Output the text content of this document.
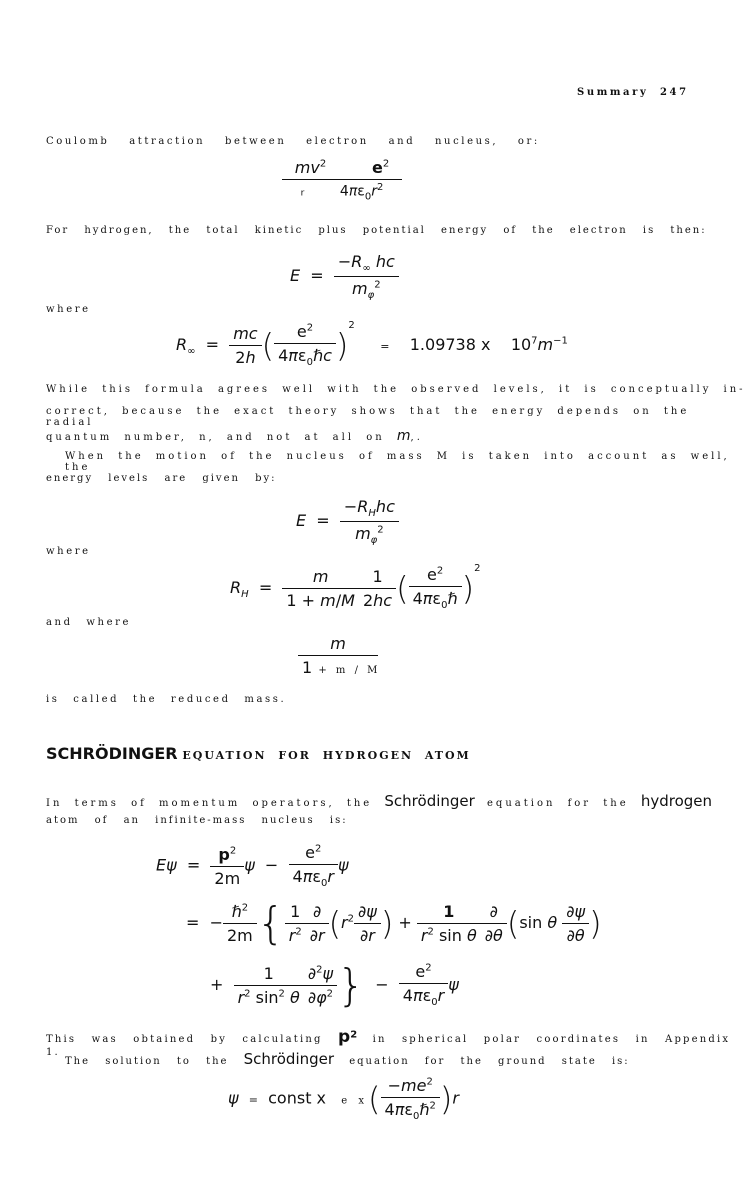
Summary 247
Coulomb attraction between electron and nucleus, or:
$mv^2$	$e^2$
r        $4\pi\varepsilon_0r^2$
For hydrogen, the total kinetic plus potential energy of the electron is then:
$E = \frac{-R_\infty hc}{m_\varphi^2}$
where
$R_\infty = \frac{mc}{2h}$ ( $\frac{e^2}{4\pi\varepsilon_0\hbar c} )^2$     = 1.09738 x $10^7m^{-1}$
While this formula agrees well with the observed levels, it is conceptually in-
correct, because the exact theory shows that the energy depends on the radial
quantum number, n, and not at all on m,.
When the motion of the nucleus of mass M is taken into account as well, the
energy levels are given by:
$E = \frac{-R_Hhc}{m_\varphi^2}$
where
$R_H = \frac{m}{1 + m/M} \frac{1}{2hc}$ ( $\frac{e^2}{4\pi\varepsilon_0\hbar} )^2$
and where
$\frac{m}{1 + m / M}$
is called the reduced mass.
SCHRÖDINGER EQUATION FOR HYDROGEN ATOM
In terms of momentum operators, the Schrödinger equation for the hydrogen
atom of an infinite-mass nucleus is:
$E\psi = \frac{p^2}{2m}$ $\psi - \frac{e^2}{4\pi\varepsilon_0r}$ ψ
=  − $\frac{\hbar^2}{2m}$ { $\frac{1}{r^2} \frac{\partial}{\partial r} (r^2 \frac{\partial\psi}{\partial r}$ ) + $\frac{1}{r^2 \sin \theta} \frac{\partial}{\partial\theta} (\sin$ θ $\frac{\partial\psi}{\partial\theta}$ )
+ $\frac{1}{r^2 \sin^2 \theta} \frac{\partial^2\psi}{\partial\varphi^2}$ }  − $\frac{e^2}{4\pi\varepsilon_0r}$ ψ
This was obtained by calculating $p^2$ in spherical polar coordinates in Appendix 1.
The solution to the Schrödinger equation for the ground state is:
ψ = const x e $x( \frac{-me^2}{4\pi\varepsilon_0\hbar^2} )r$
